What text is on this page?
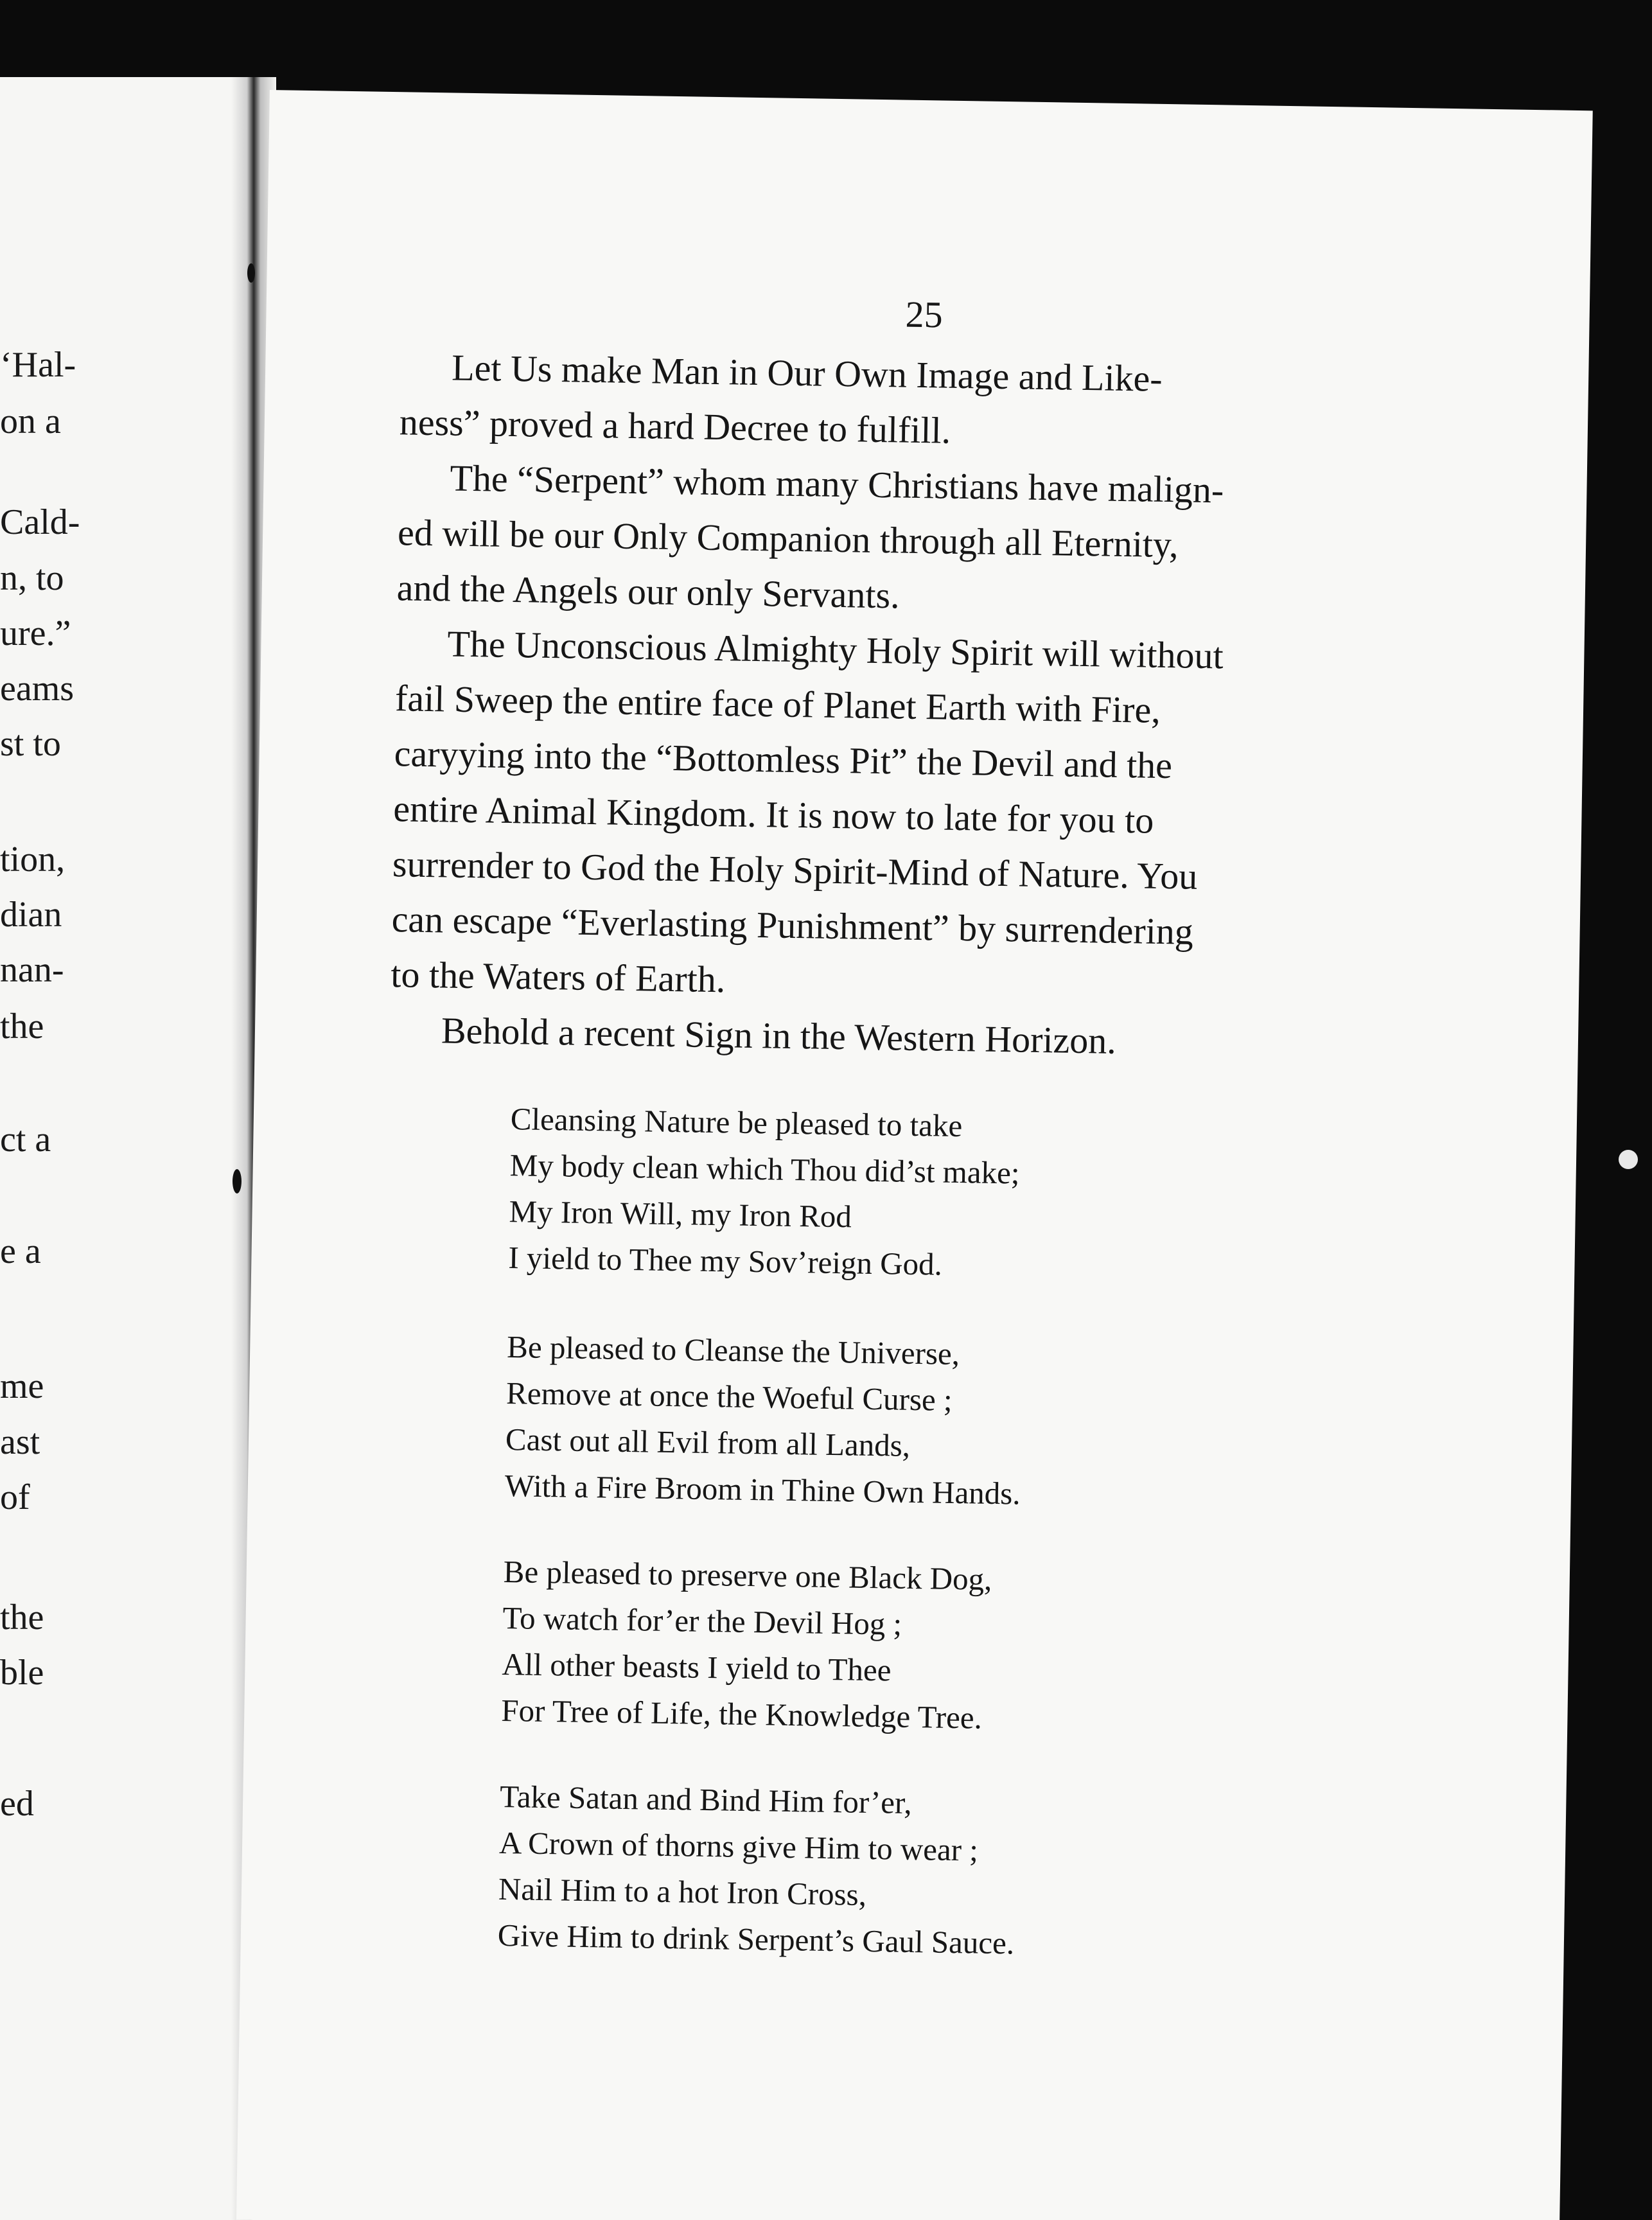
‘Hal-
on a
Cald-
n, to
ure.”
eams
st to
tion,
dian
nan-
the
ct a
e a
me
ast
of
the
ble
ed
25

Let Us make Man in Our Own Image and Like-
ness” proved a hard Decree to fulfill.

The “Serpent” whom many Christians have malign-
ed will be our Only Companion through all Eternity,
and the Angels our only Servants.

The Unconscious Almighty Holy Spirit will without
fail Sweep the entire face of Planet Earth with Fire,
caryying into the “Bottomless Pit” the Devil and the
entire Animal Kingdom. It is now to late for you to
surrender to God the Holy Spirit-Mind of Nature. You
can escape “Everlasting Punishment” by surrendering
to the Waters of Earth.

Behold a recent Sign in the Western Horizon.

Cleansing Nature be pleased to take
My body clean which Thou did’st make;
My Iron Will, my Iron Rod
I yield to Thee my Sov’reign God.
Be pleased to Cleanse the Universe,
Remove at once the Woeful Curse ;
Cast out all Evil from all Lands,
With a Fire Broom in Thine Own Hands.
Be pleased to preserve one Black Dog,
To watch for’er the Devil Hog ;
All other beasts I yield to Thee
For Tree of Life, the Knowledge Tree.
Take Satan and Bind Him for’er,
A Crown of thorns give Him to wear ;
Nail Him to a hot Iron Cross,
Give Him to drink Serpent’s Gaul Sauce.
